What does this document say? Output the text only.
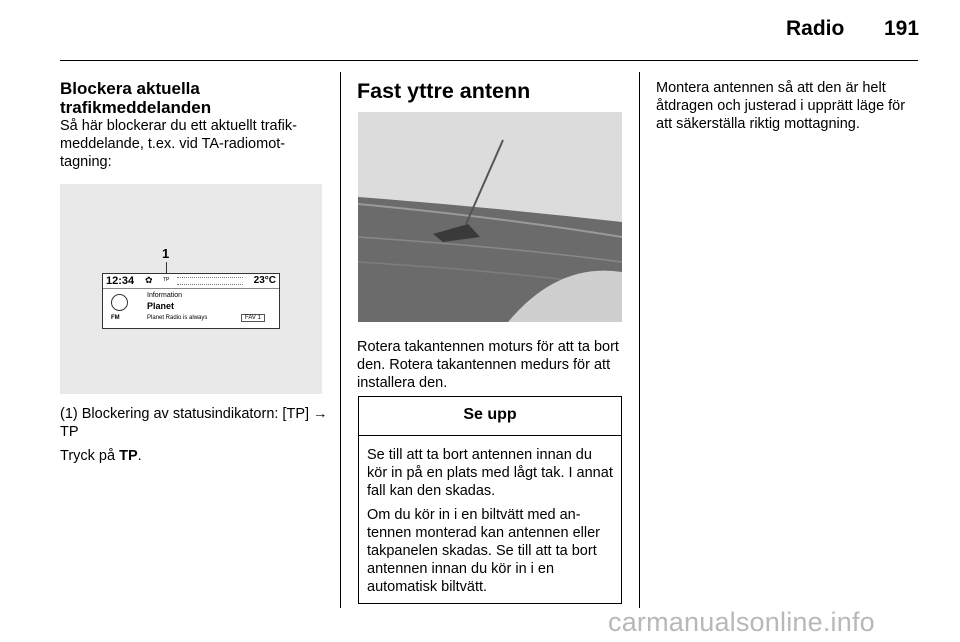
Radio 191

Blockera aktuella trafikmeddelanden

Så här blockerar du ett aktuellt trafikmeddelande, t.ex. vid TA-radiomottagning:

1
12:34 ✿ TP	23°C
FM
Information
Planet
Planet Radio is always	FAV 1

(1) Blockering av statusindikatorn: [TP] → TP

Tryck på TP.

Fast yttre antenn

Rotera takantennen moturs för att ta bort den. Rotera takantennen medurs för att installera den.

Se upp

Se till att ta bort antennen innan du kör in på en plats med lågt tak. I annat fall kan den skadas.

Om du kör in i en biltvätt med antennen monterad kan antennen eller takpanelen skadas. Se till att ta bort antennen innan du kör in i en automatisk biltvätt.

Montera antennen så att den är helt åtdragen och justerad i upprätt läge för att säkerställa riktig mottagning.

carmanualsonline.info
